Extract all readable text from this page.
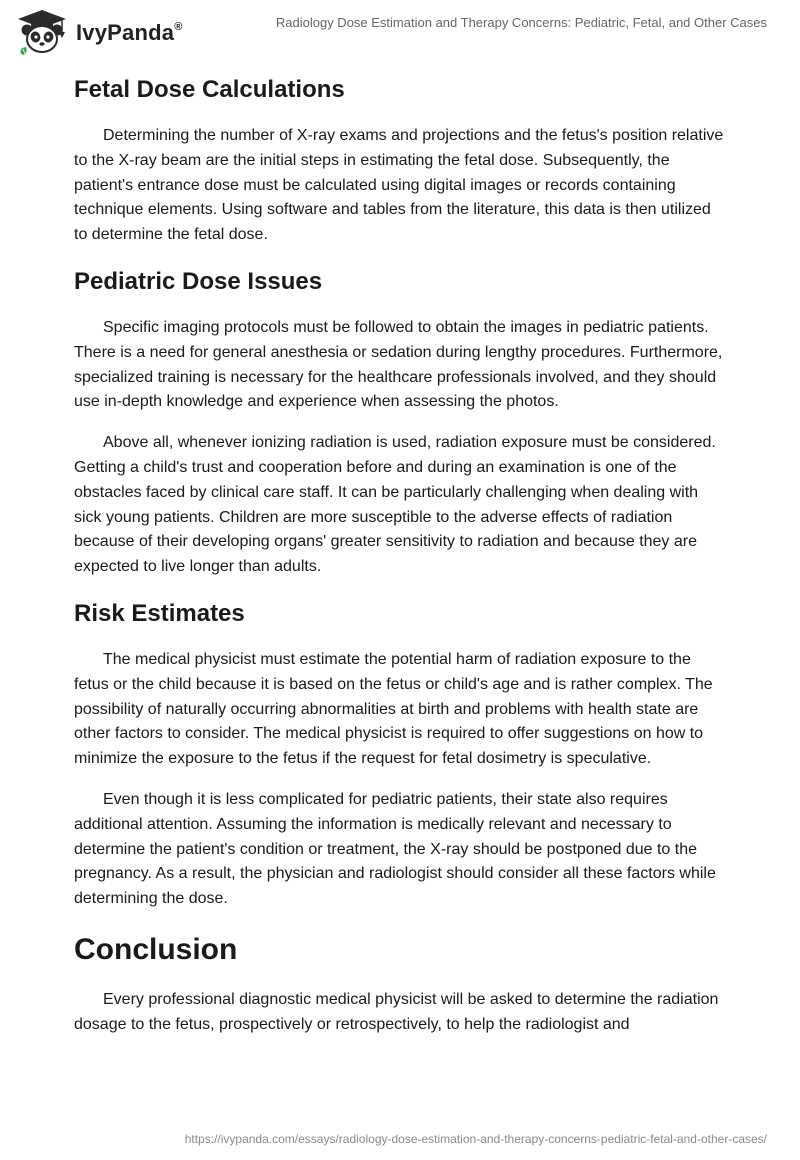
IvyPanda®	Radiology Dose Estimation and Therapy Concerns: Pediatric, Fetal, and Other Cases
Fetal Dose Calculations

Determining the number of X-ray exams and projections and the fetus's position relative to the X-ray beam are the initial steps in estimating the fetal dose. Subsequently, the patient's entrance dose must be calculated using digital images or records containing technique elements. Using software and tables from the literature, this data is then utilized to determine the fetal dose.

Pediatric Dose Issues

Specific imaging protocols must be followed to obtain the images in pediatric patients. There is a need for general anesthesia or sedation during lengthy procedures. Furthermore, specialized training is necessary for the healthcare professionals involved, and they should use in-depth knowledge and experience when assessing the photos.

Above all, whenever ionizing radiation is used, radiation exposure must be considered. Getting a child's trust and cooperation before and during an examination is one of the obstacles faced by clinical care staff. It can be particularly challenging when dealing with sick young patients. Children are more susceptible to the adverse effects of radiation because of their developing organs' greater sensitivity to radiation and because they are expected to live longer than adults.

Risk Estimates

The medical physicist must estimate the potential harm of radiation exposure to the fetus or the child because it is based on the fetus or child's age and is rather complex. The possibility of naturally occurring abnormalities at birth and problems with health state are other factors to consider. The medical physicist is required to offer suggestions on how to minimize the exposure to the fetus if the request for fetal dosimetry is speculative.

Even though it is less complicated for pediatric patients, their state also requires additional attention. Assuming the information is medically relevant and necessary to determine the patient's condition or treatment, the X-ray should be postponed due to the pregnancy. As a result, the physician and radiologist should consider all these factors while determining the dose.

Conclusion

Every professional diagnostic medical physicist will be asked to determine the radiation dosage to the fetus, prospectively or retrospectively, to help the radiologist and

https://ivypanda.com/essays/radiology-dose-estimation-and-therapy-concerns-pediatric-fetal-and-other-cases/
